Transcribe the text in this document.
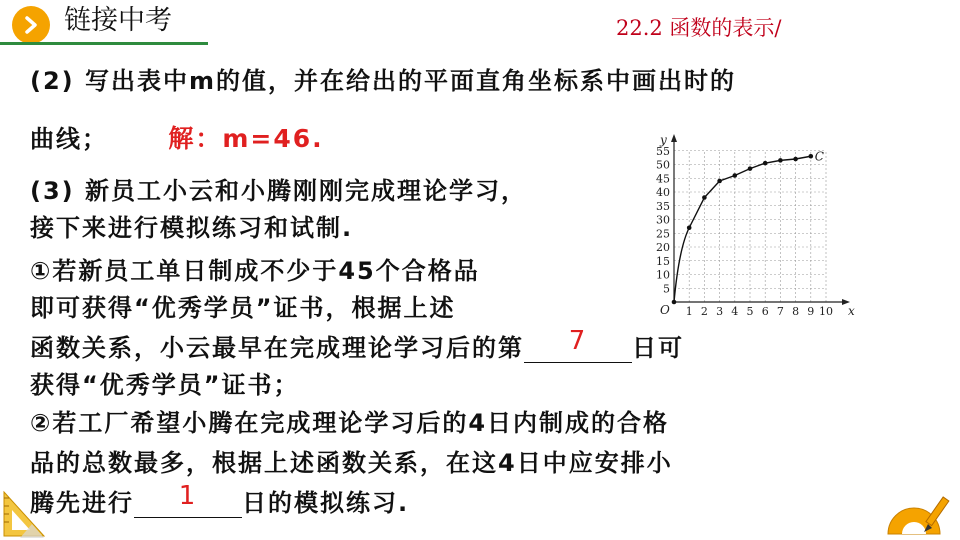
链接中考	22.2 函数的表示/
(2) 写出表中m的值，并在给出的平面直角坐标系中画出时的
曲线； 解：m=46.
(3) 新员工小云和小腾刚刚完成理论学习，
接下来进行模拟练习和试制.
①若新员工单日制成不少于45个合格品
即可获得“优秀学员”证书，根据上述
函数关系，小云最早在完成理论学习后的第	7	日可
获得“优秀学员”证书；
②若工厂希望小腾在完成理论学习后的4日内制成的合格
品的总数最多，根据上述函数关系，在这4日中应安排小
腾先进行	1	日的模拟练习.
1 2 3 4 5 6 7 8 9 10
5
10
15
20
25
30
35
40
45
50
55
x
y
O
C
